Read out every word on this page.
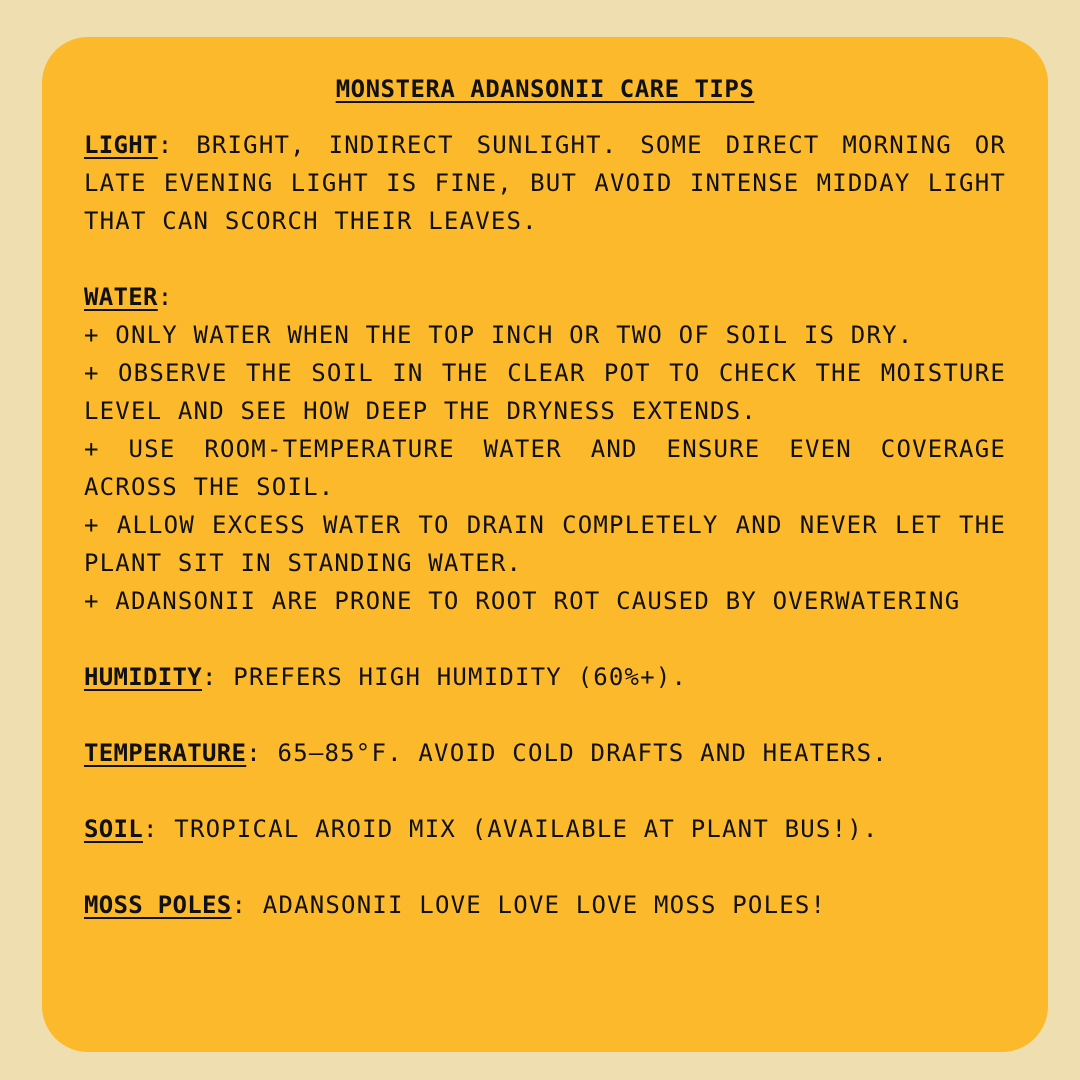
MONSTERA ADANSONII CARE TIPS
LIGHT: BRIGHT, INDIRECT SUNLIGHT. SOME DIRECT MORNING OR LATE EVENING LIGHT IS FINE, BUT AVOID INTENSE MIDDAY LIGHT THAT CAN SCORCH THEIR LEAVES.
WATER:
+ ONLY WATER WHEN THE TOP INCH OR TWO OF SOIL IS DRY.
+ OBSERVE THE SOIL IN THE CLEAR POT TO CHECK THE MOISTURE LEVEL AND SEE HOW DEEP THE DRYNESS EXTENDS.
+ USE ROOM-TEMPERATURE WATER AND ENSURE EVEN COVERAGE ACROSS THE SOIL.
+ ALLOW EXCESS WATER TO DRAIN COMPLETELY AND NEVER LET THE PLANT SIT IN STANDING WATER.
+ ADANSONII ARE PRONE TO ROOT ROT CAUSED BY OVERWATERING
HUMIDITY: PREFERS HIGH HUMIDITY (60%+).
TEMPERATURE: 65–85°F. AVOID COLD DRAFTS AND HEATERS.
SOIL: TROPICAL AROID MIX (AVAILABLE AT PLANT BUS!).
MOSS POLES: ADANSONII LOVE LOVE LOVE MOSS POLES!
